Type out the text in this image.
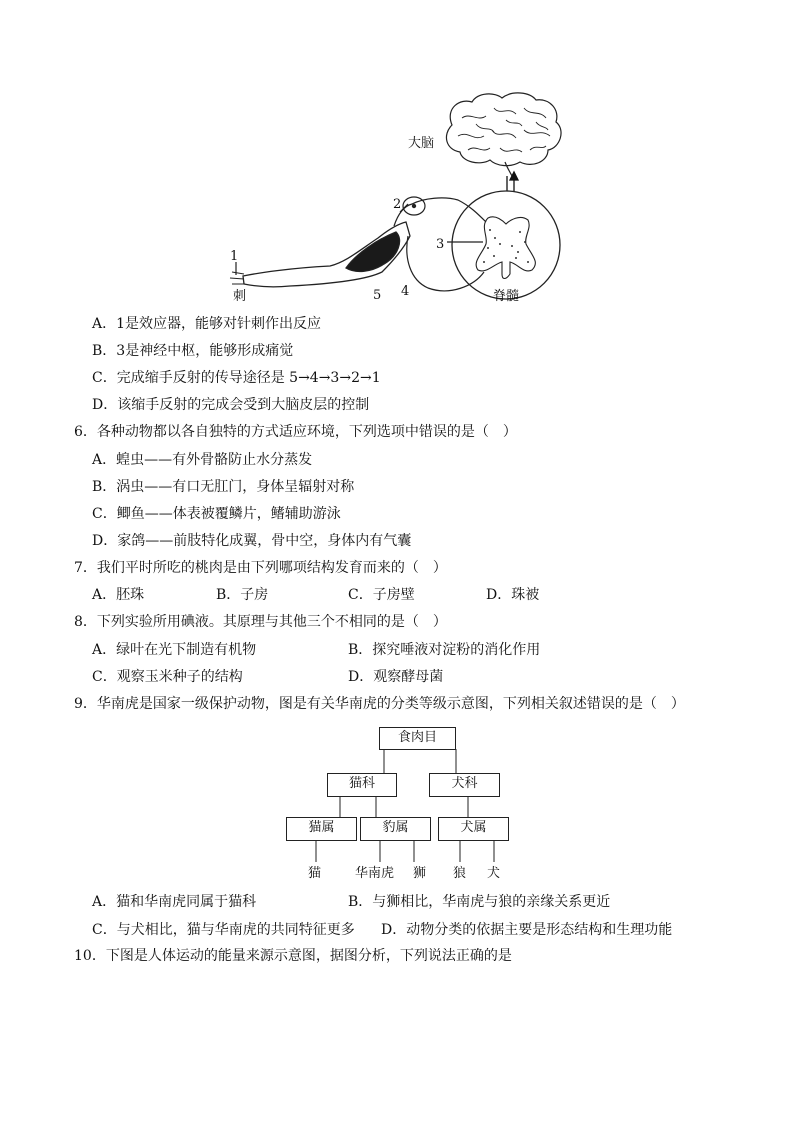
大脑
2
3
1
刺	5 4	脊髓
A．1是效应器，能够对针刺作出反应
B．3是神经中枢，能够形成痛觉
C．完成缩手反射的传导途径是 5→4→3→2→1
D．该缩手反射的完成会受到大脑皮层的控制
6．各种动物都以各自独特的方式适应环境，下列选项中错误的是（　）
A．蝗虫——有外骨骼防止水分蒸发
B．涡虫——有口无肛门，身体呈辐射对称
C．鲫鱼——体表被覆鳞片，鳍辅助游泳
D．家鸽——前肢特化成翼，骨中空，身体内有气囊
7．我们平时所吃的桃肉是由下列哪项结构发育而来的（　）
A．胚珠	B．子房	C．子房壁	D．珠被
8．下列实验所用碘液。其原理与其他三个不相同的是（　）
A．绿叶在光下制造有机物	B．探究唾液对淀粉的消化作用
C．观察玉米种子的结构	D．观察酵母菌
9．华南虎是国家一级保护动物，图是有关华南虎的分类等级示意图，下列相关叙述错误的是（　）
食肉目
猫科	犬科
猫属	豹属	犬属
猫	华南虎 狮 狼 犬
A．猫和华南虎同属于猫科	B．与狮相比，华南虎与狼的亲缘关系更近
C．与犬相比，猫与华南虎的共同特征更多 D．动物分类的依据主要是形态结构和生理功能
10．下图是人体运动的能量来源示意图，据图分析，下列说法正确的是
